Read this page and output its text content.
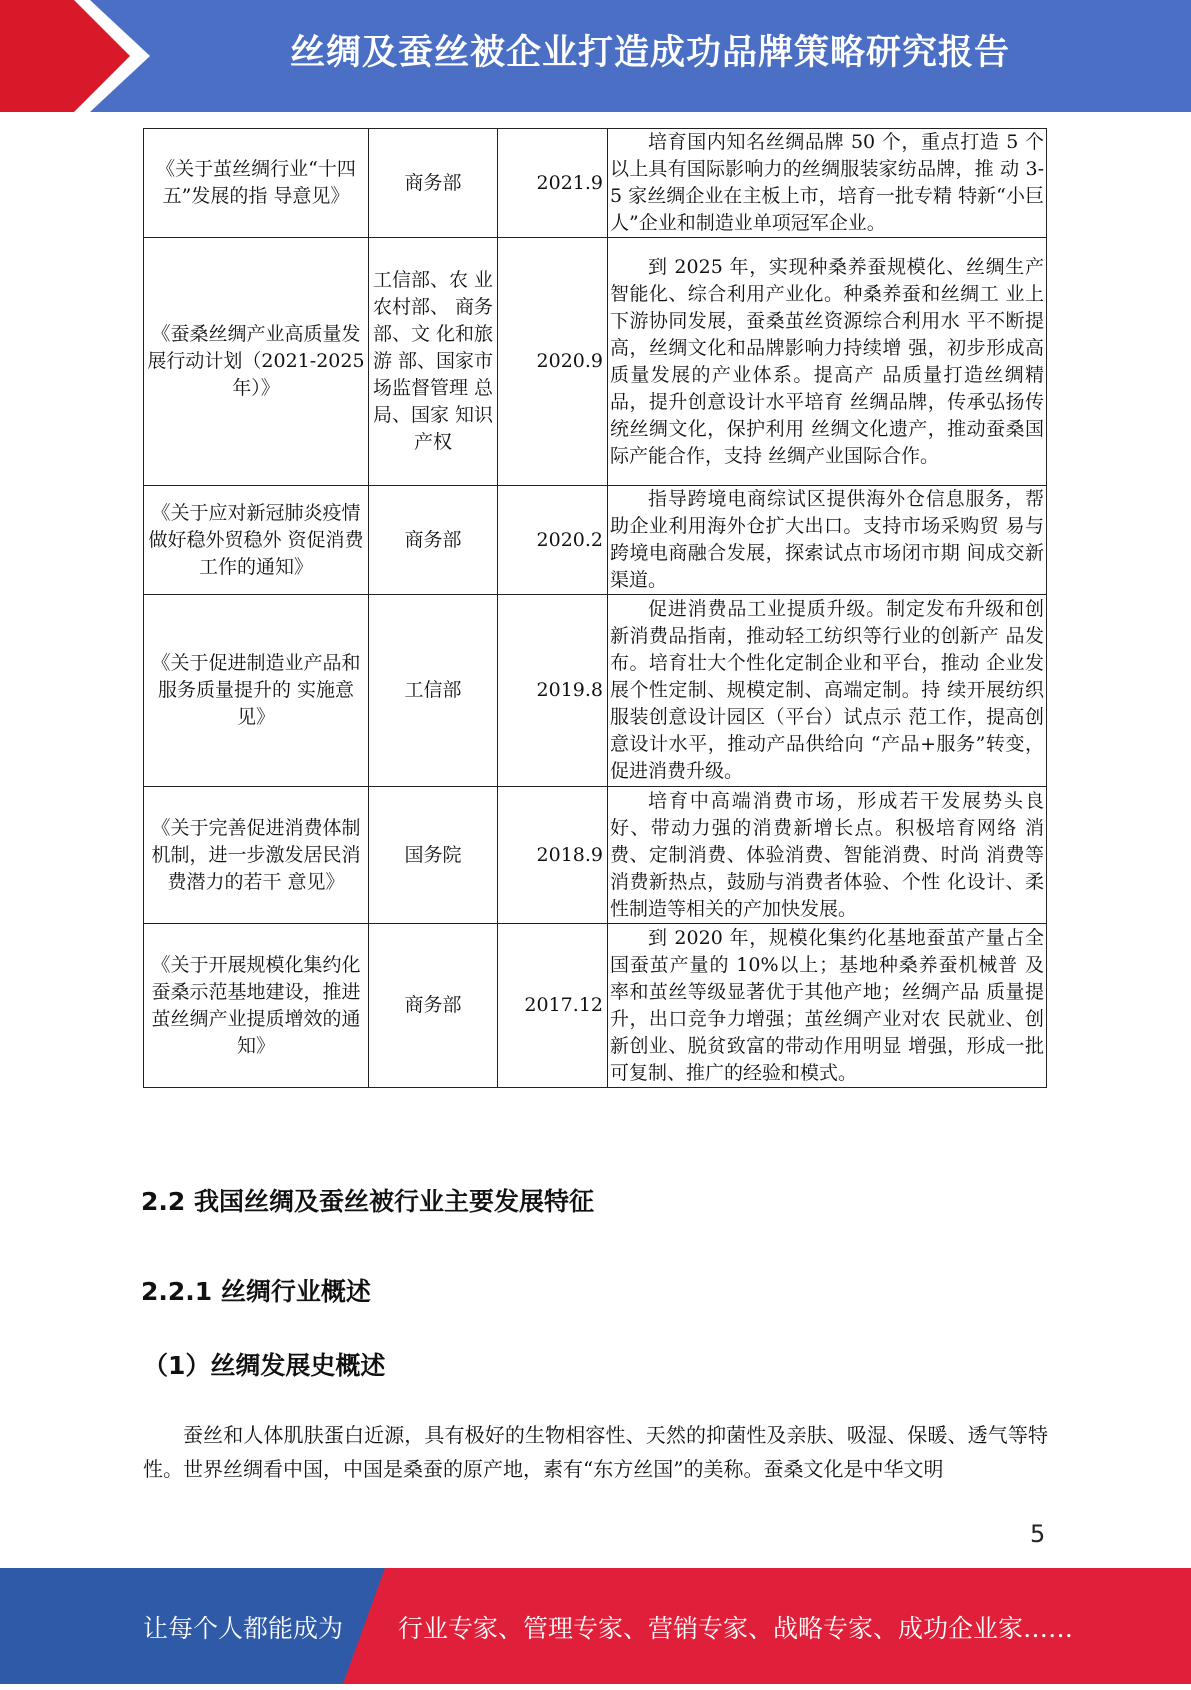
丝绸及蚕丝被企业打造成功品牌策略研究报告
《关于茧丝绸行业“十四五”发展的指 导意见》	商务部	2021.9	培育国内知名丝绸品牌 50 个，重点打造 5 个以上具有国际影响力的丝绸服装家纺品牌，推 动 3-5 家丝绸企业在主板上市，培育一批专精 特新“小巨人”企业和制造业单项冠军企业。
《蚕桑丝绸产业高质量发展行动计划（2021-2025 年）》	工信部、农 业农村部、 商务部、文 化和旅游 部、国家市 场监督管理 总局、国家 知识产权	2020.9	到 2025 年，实现种桑养蚕规模化、丝绸生产智能化、综合利用产业化。种桑养蚕和丝绸工 业上下游协同发展，蚕桑茧丝资源综合利用水 平不断提高，丝绸文化和品牌影响力持续增 强，初步形成高质量发展的产业体系。提高产 品质量打造丝绸精品，提升创意设计水平培育 丝绸品牌，传承弘扬传统丝绸文化，保护利用 丝绸文化遗产，推动蚕桑国际产能合作，支持 丝绸产业国际合作。
《关于应对新冠肺炎疫情做好稳外贸稳外 资促消费工作的通知》	商务部	2020.2	指导跨境电商综试区提供海外仓信息服务，帮助企业利用海外仓扩大出口。支持市场采购贸 易与跨境电商融合发展，探索试点市场闭市期 间成交新渠道。
《关于促进制造业产品和服务质量提升的 实施意见》	工信部	2019.8	促进消费品工业提质升级。制定发布升级和创新消费品指南，推动轻工纺织等行业的创新产 品发布。培育壮大个性化定制企业和平台，推动 企业发展个性定制、规模定制、高端定制。持 续开展纺织服装创意设计园区（平台）试点示 范工作，提高创意设计水平，推动产品供给向 “产品+服务”转变，促进消费升级。
《关于完善促进消费体制机制，进一步激发居民消费潜力的若干 意见》	国务院	2018.9	培育中高端消费市场，形成若干发展势头良好、带动力强的消费新增长点。积极培育网络 消费、定制消费、体验消费、智能消费、时尚 消费等消费新热点，鼓励与消费者体验、个性 化设计、柔性制造等相关的产加快发展。
《关于开展规模化集约化蚕桑示范基地建设，推进茧丝绸产业提质增效的通知》	商务部	2017.12	到 2020 年，规模化集约化基地蚕茧产量占全国蚕茧产量的 10%以上；基地种桑养蚕机械普 及率和茧丝等级显著优于其他产地；丝绸产品 质量提升，出口竞争力增强；茧丝绸产业对农 民就业、创新创业、脱贫致富的带动作用明显 增强，形成一批可复制、推广的经验和模式。
2.2 我国丝绸及蚕丝被行业主要发展特征
2.2.1 丝绸行业概述
（1）丝绸发展史概述
蚕丝和人体肌肤蛋白近源，具有极好的生物相容性、天然的抑菌性及亲肤、吸湿、保暖、透气等特性。世界丝绸看中国，中国是桑蚕的原产地，素有“东方丝国”的美称。蚕桑文化是中华文明
5
让每个人都能成为 行业专家、管理专家、营销专家、战略专家、成功企业家……
